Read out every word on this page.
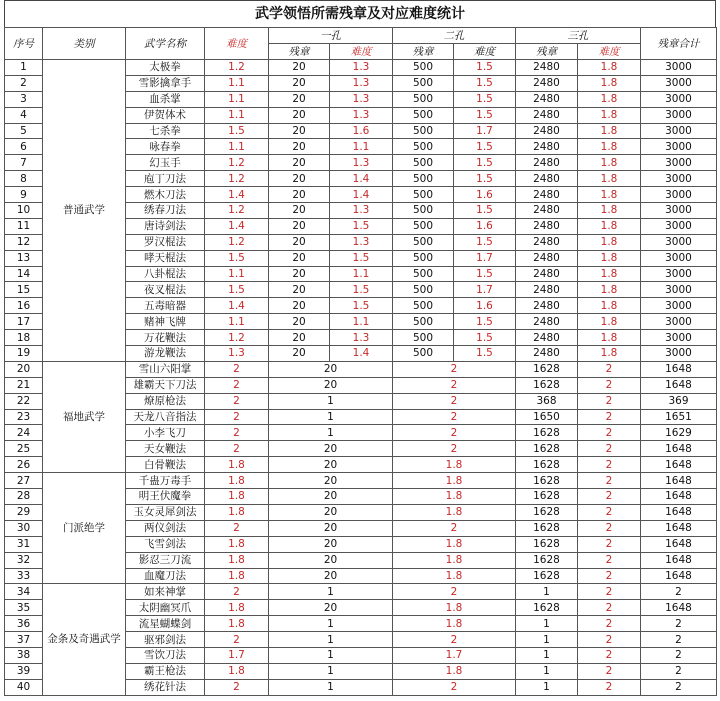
武学领悟所需残章及对应难度统计
序号	类别	武学名称	难度	一孔		二孔		三孔		残章合计
				残章	难度	残章	难度	残章	难度	
1	普通武学	太极拳	1.2	20	1.3	500	1.5	2480	1.8	3000
2		雪影擒拿手	1.1	20	1.3	500	1.5	2480	1.8	3000
3		血杀掌	1.1	20	1.3	500	1.5	2480	1.8	3000
4		伊贺体术	1.1	20	1.3	500	1.5	2480	1.8	3000
5		七杀拳	1.5	20	1.6	500	1.7	2480	1.8	3000
6		咏春拳	1.1	20	1.1	500	1.5	2480	1.8	3000
7		幻玉手	1.2	20	1.3	500	1.5	2480	1.8	3000
8		庖丁刀法	1.2	20	1.4	500	1.5	2480	1.8	3000
9		燃木刀法	1.4	20	1.4	500	1.6	2480	1.8	3000
10		绣春刀法	1.2	20	1.3	500	1.5	2480	1.8	3000
11		唐诗剑法	1.4	20	1.5	500	1.6	2480	1.8	3000
12		罗汉棍法	1.2	20	1.3	500	1.5	2480	1.8	3000
13		哮天棍法	1.5	20	1.5	500	1.7	2480	1.8	3000
14		八卦棍法	1.1	20	1.1	500	1.5	2480	1.8	3000
15		夜叉棍法	1.5	20	1.5	500	1.7	2480	1.8	3000
16		五毒暗器	1.4	20	1.5	500	1.6	2480	1.8	3000
17		赌神飞牌	1.1	20	1.1	500	1.5	2480	1.8	3000
18		万花鞭法	1.2	20	1.3	500	1.5	2480	1.8	3000
19		游龙鞭法	1.3	20	1.4	500	1.5	2480	1.8	3000
20	福地武学	雪山六阳掌	2	20		2		1628	2	1648
21		雄霸天下刀法	2	20		2		1628	2	1648
22		燎原枪法	2	1		2		368	2	369
23		天龙八音指法	2	1		2		1650	2	1651
24		小李飞刀	2	1		2		1628	2	1629
25		天女鞭法	2	20		2		1628	2	1648
26		白骨鞭法	1.8	20		1.8		1628	2	1648
27	门派绝学	千蛊万毒手	1.8	20		1.8		1628	2	1648
28		明王伏魔拳	1.8	20		1.8		1628	2	1648
29		玉女灵犀剑法	1.8	20		1.8		1628	2	1648
30		两仪剑法	2	20		2		1628	2	1648
31		飞雪剑法	1.8	20		1.8		1628	2	1648
32		影忍三刀流	1.8	20		1.8		1628	2	1648
33		血魔刀法	1.8	20		1.8		1628	2	1648
34	金条及奇遇武学	如来神掌	2	1		2		1	2	2
35		太阴幽冥爪	1.8	20		1.8		1628	2	1648
36		流星蝴蝶剑	1.8	1		1.8		1	2	2
37		驱邪剑法	2	1		2		1	2	2
38		雪饮刀法	1.7	1		1.7		1	2	2
39		霸王枪法	1.8	1		1.8		1	2	2
40		绣花针法	2	1		2		1	2	2
